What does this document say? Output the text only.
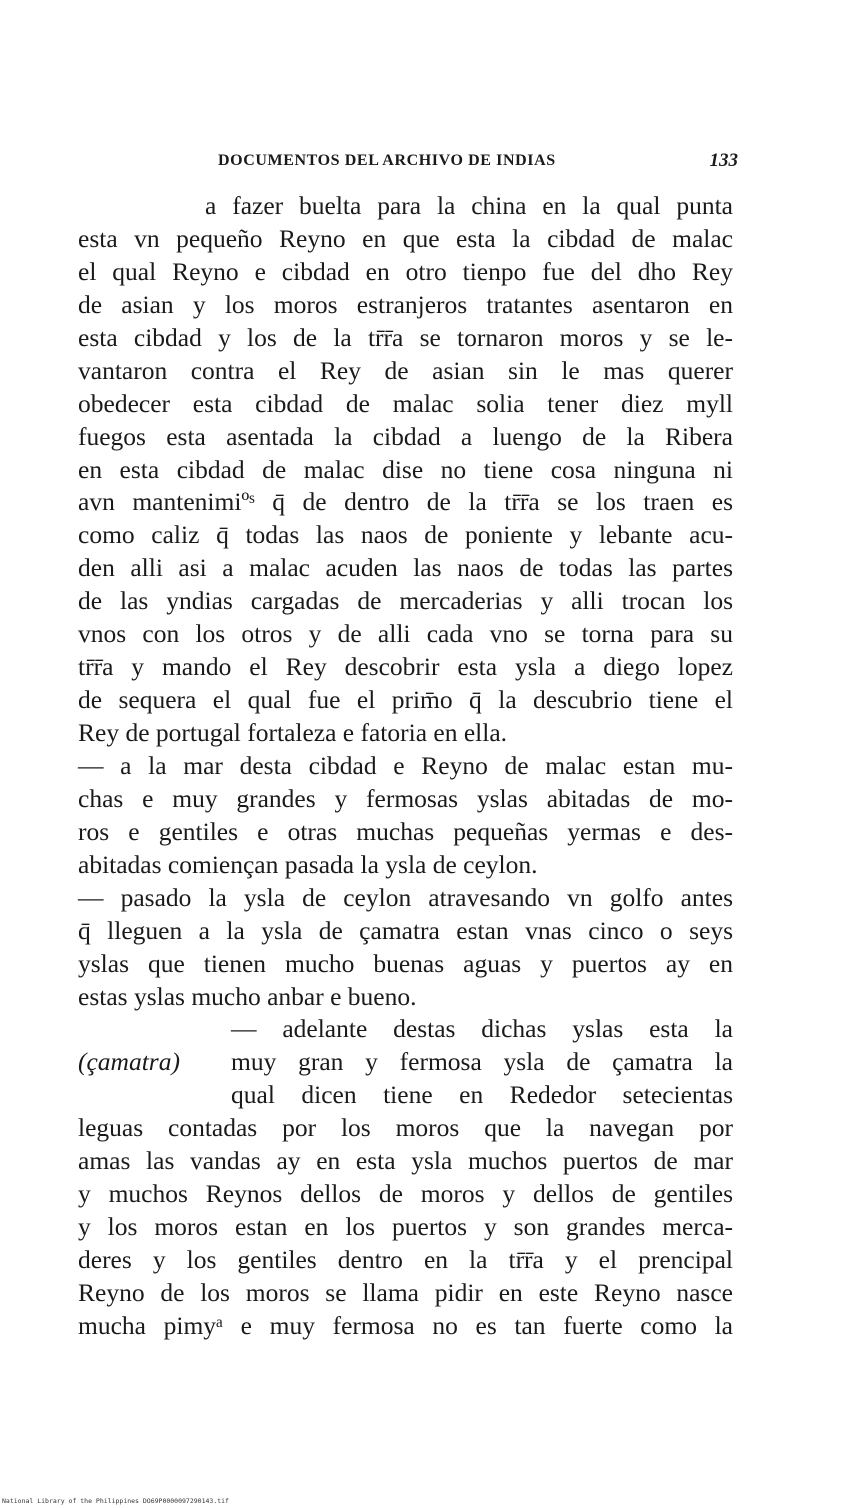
DOCUMENTOS DEL ARCHIVO DE INDIAS	133
a fazer buelta para la china en la qual punta
esta vn pequeño Reyno en que esta la cibdad de malac
el qual Reyno e cibdad en otro tienpo fue del dho Rey
de asian y los moros estranjeros tratantes asentaron en
esta cibdad y los de la tr̄r̄a se tornaron moros y se le-
vantaron contra el Rey de asian sin le mas querer
obedecer esta cibdad de malac solia tener diez myll
fuegos esta asentada la cibdad a luengo de la Ribera
en esta cibdad de malac dise no tiene cosa ninguna ni
avn mantenimiºˢ q̄ de dentro de la tr̄r̄a se los traen es
como caliz q̄ todas las naos de poniente y lebante acu-
den alli asi a malac acuden las naos de todas las partes
de las yndias cargadas de mercaderias y alli trocan los
vnos con los otros y de alli cada vno se torna para su
tr̄r̄a y mando el Rey descobrir esta ysla a diego lopez
de sequera el qual fue el prim̄o q̄ la descubrio tiene el
Rey de portugal fortaleza e fatoria en ella.
— a la mar desta cibdad e Reyno de malac estan mu-
chas e muy grandes y fermosas yslas abitadas de mo-
ros e gentiles e otras muchas pequeñas yermas e des-
abitadas comiençan pasada la ysla de ceylon.
— pasado la ysla de ceylon atravesando vn golfo antes
q̄ lleguen a la ysla de çamatra estan vnas cinco o seys
yslas que tienen mucho buenas aguas y puertos ay en
estas yslas mucho anbar e bueno.
— adelante destas dichas yslas esta la
(çamatra) muy gran y fermosa ysla de çamatra la
qual dicen tiene en Rededor setecientas
leguas contadas por los moros que la navegan por
amas las vandas ay en esta ysla muchos puertos de mar
y muchos Reynos dellos de moros y dellos de gentiles
y los moros estan en los puertos y son grandes merca-
deres y los gentiles dentro en la tr̄r̄a y el prencipal
Reyno de los moros se llama pidir en este Reyno nasce
mucha pimyᵃ e muy fermosa no es tan fuerte como la
National Library of the Philippines DO69P0000097290143.tif
